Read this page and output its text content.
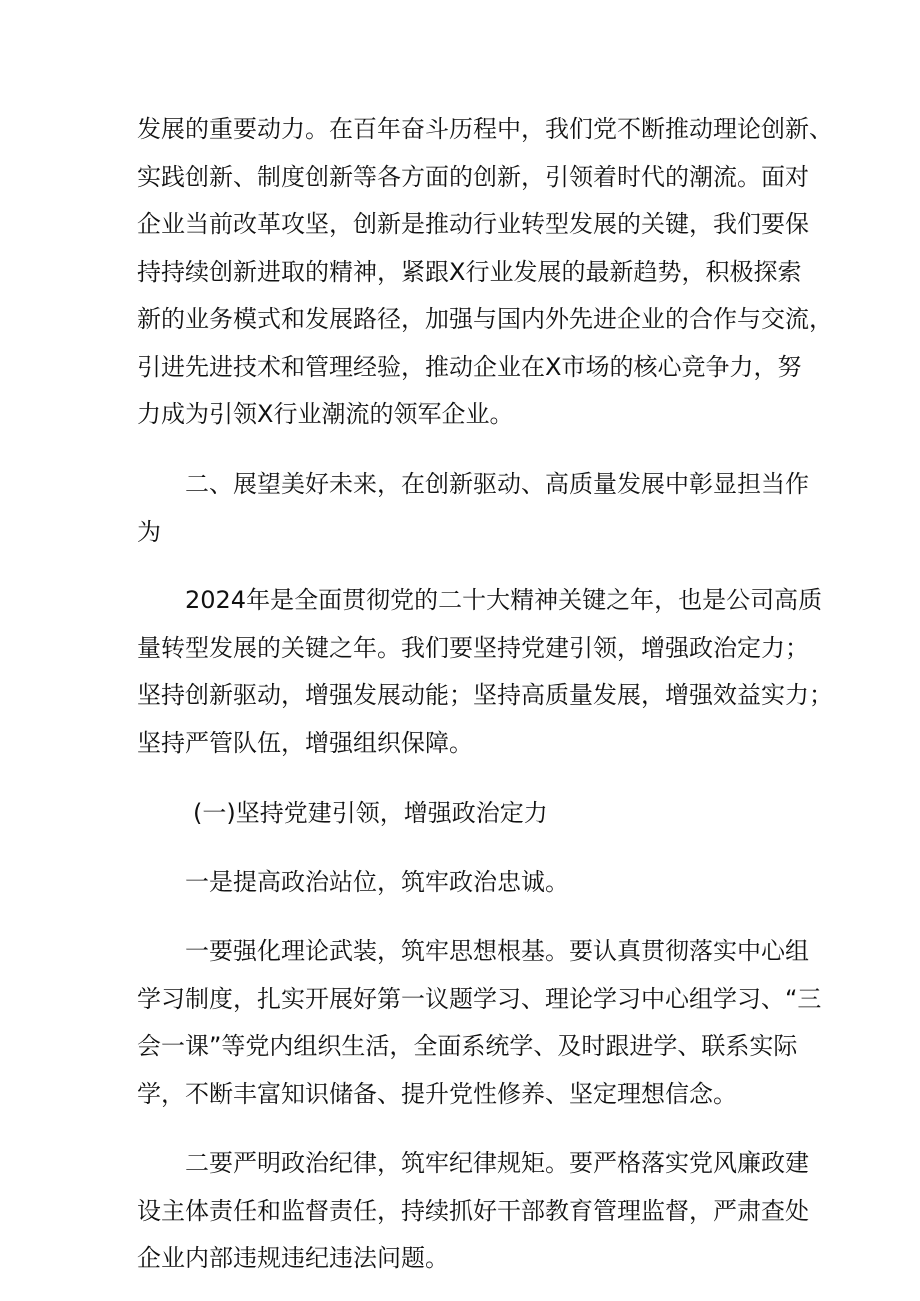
发展的重要动力。在百年奋斗历程中，我们党不断推动理论创新、
实践创新、制度创新等各方面的创新，引领着时代的潮流。面对
企业当前改革攻坚，创新是推动行业转型发展的关键，我们要保
持持续创新进取的精神，紧跟X行业发展的最新趋势，积极探索
新的业务模式和发展路径，加强与国内外先进企业的合作与交流，
引进先进技术和管理经验，推动企业在X市场的核心竞争力，努
力成为引领X行业潮流的领军企业。
二、展望美好未来，在创新驱动、高质量发展中彰显担当作
为
2024年是全面贯彻党的二十大精神关键之年，也是公司高质
量转型发展的关键之年。我们要坚持党建引领，增强政治定力；
坚持创新驱动，增强发展动能；坚持高质量发展，增强效益实力；
坚持严管队伍，增强组织保障。
(一)坚持党建引领，增强政治定力
一是提高政治站位，筑牢政治忠诚。
一要强化理论武装，筑牢思想根基。要认真贯彻落实中心组
学习制度，扎实开展好第一议题学习、理论学习中心组学习、“三
会一课”等党内组织生活，全面系统学、及时跟进学、联系实际
学，不断丰富知识储备、提升党性修养、坚定理想信念。
二要严明政治纪律，筑牢纪律规矩。要严格落实党风廉政建
设主体责任和监督责任，持续抓好干部教育管理监督，严肃查处
企业内部违规违纪违法问题。
